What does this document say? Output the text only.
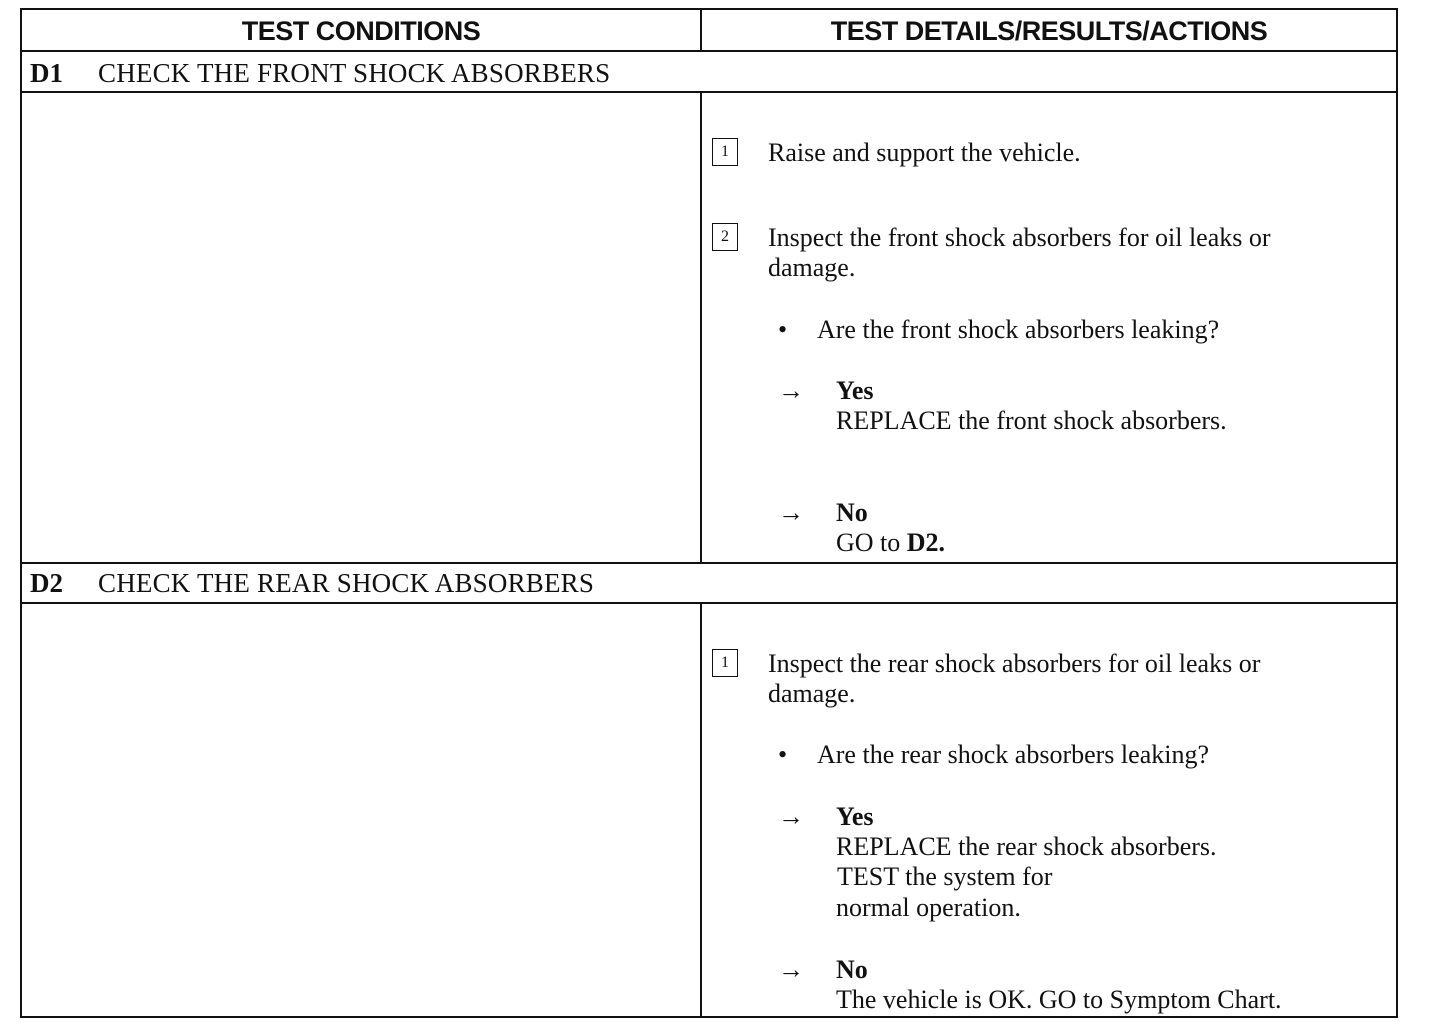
TEST CONDITIONS	TEST DETAILS/RESULTS/ACTIONS
D1 CHECK THE FRONT SHOCK ABSORBERS
1	Raise and support the vehicle.
2	Inspect the front shock absorbers for oil leaks or
damage.
• Are the front shock absorbers leaking?
→ Yes
REPLACE the front shock absorbers.
→ No
GO to D2.
D2 CHECK THE REAR SHOCK ABSORBERS
1	Inspect the rear shock absorbers for oil leaks or
damage.
• Are the rear shock absorbers leaking?
→ Yes
REPLACE the rear shock absorbers.
TEST the system for
normal operation.
→ No
The vehicle is OK. GO to Symptom Chart.
